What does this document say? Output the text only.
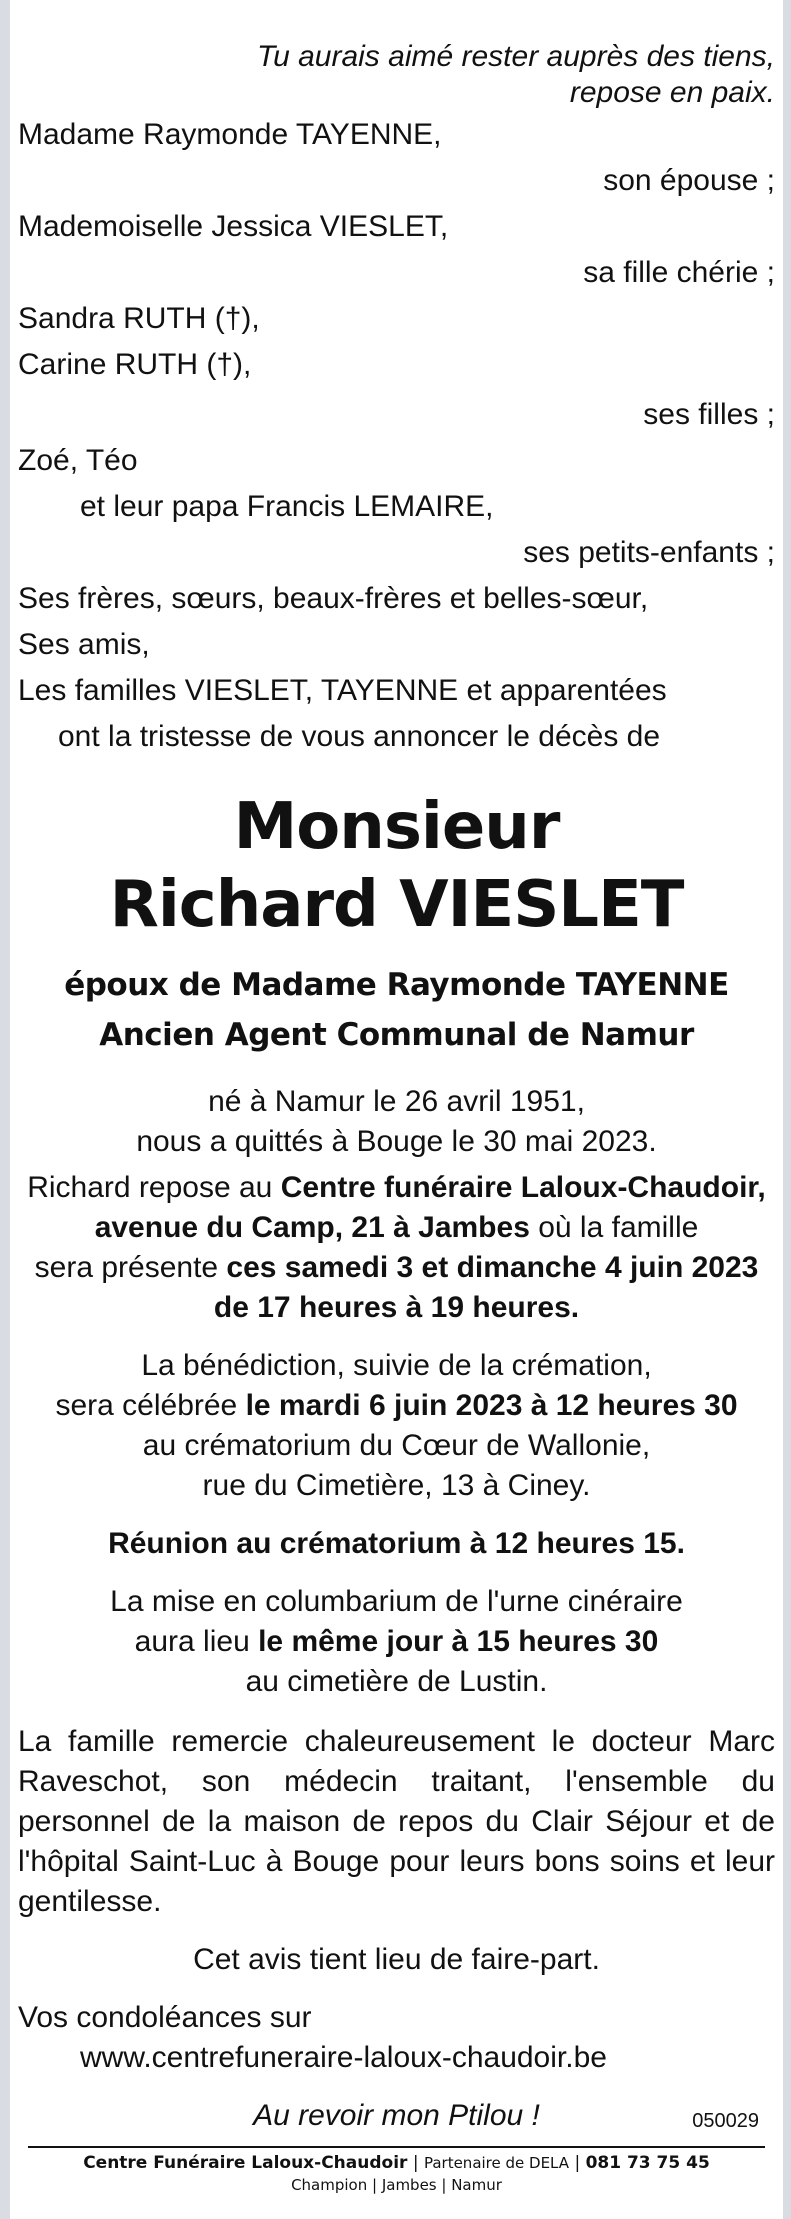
Tu aurais aimé rester auprès des tiens,
repose en paix.
Madame Raymonde TAYENNE,
son épouse ;
Mademoiselle Jessica VIESLET,
sa fille chérie ;
Sandra RUTH (†),
Carine RUTH (†),
ses filles ;
Zoé, Téo
et leur papa Francis LEMAIRE,
ses petits-enfants ;
Ses frères, sœurs, beaux-frères et belles-sœur,
Ses amis,
Les familles VIESLET, TAYENNE et apparentées
ont la tristesse de vous annoncer le décès de
Monsieur
Richard VIESLET
époux de Madame Raymonde TAYENNE
Ancien Agent Communal de Namur
né à Namur le 26 avril 1951,
nous a quittés à Bouge le 30 mai 2023.
Richard repose au Centre funéraire Laloux-Chaudoir,
avenue du Camp, 21 à Jambes où la famille
sera présente ces samedi 3 et dimanche 4 juin 2023
de 17 heures à 19 heures.
La bénédiction, suivie de la crémation,
sera célébrée le mardi 6 juin 2023 à 12 heures 30
au crématorium du Cœur de Wallonie,
rue du Cimetière, 13 à Ciney.
Réunion au crématorium à 12 heures 15.
La mise en columbarium de l'urne cinéraire
aura lieu le même jour à 15 heures 30
au cimetière de Lustin.
La famille remercie chaleureusement le docteur Marc Raveschot, son médecin traitant, l'ensemble du personnel de la maison de repos du Clair Séjour et de l'hôpital Saint-Luc à Bouge pour leurs bons soins et leur gentilesse.
Cet avis tient lieu de faire-part.
Vos condoléances sur
www.centrefuneraire-laloux-chaudoir.be
Au revoir mon Ptilou !	050029
Centre Funéraire Laloux-Chaudoir | Partenaire de DELA | 081 73 75 45
Champion | Jambes | Namur
